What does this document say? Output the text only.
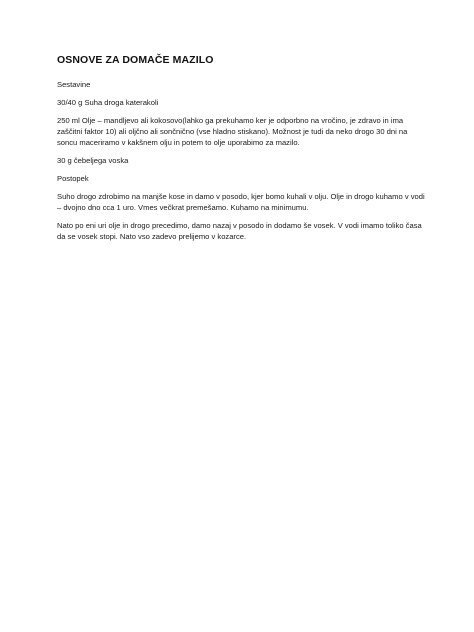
OSNOVE ZA DOMAČE MAZILO

Sestavine

30/40 g Suha droga katerakoli

250 ml Olje – mandljevo ali kokosovo(lahko ga prekuhamo ker je odporbno na vročino, je zdravo in ima zaščitni faktor 10) ali oljčno ali sončnično (vse hladno stiskano). Možnost je tudi da neko drogo 30 dni na soncu maceriramo v kakšnem olju in potem to olje uporabimo za mazilo.

30 g čebeljega voska

Postopek

Suho drogo zdrobimo na manjše kose in damo v posodo, kjer bomo kuhali v olju. Olje in drogo kuhamo v vodi – dvojno dno cca 1 uro. Vmes večkrat premešamo. Kuhamo na minimumu.

Nato po eni uri olje in drogo precedimo, damo nazaj v posodo in dodamo še vosek. V vodi imamo toliko časa da se vosek stopi. Nato vso zadevo prelijemo v kozarce.
